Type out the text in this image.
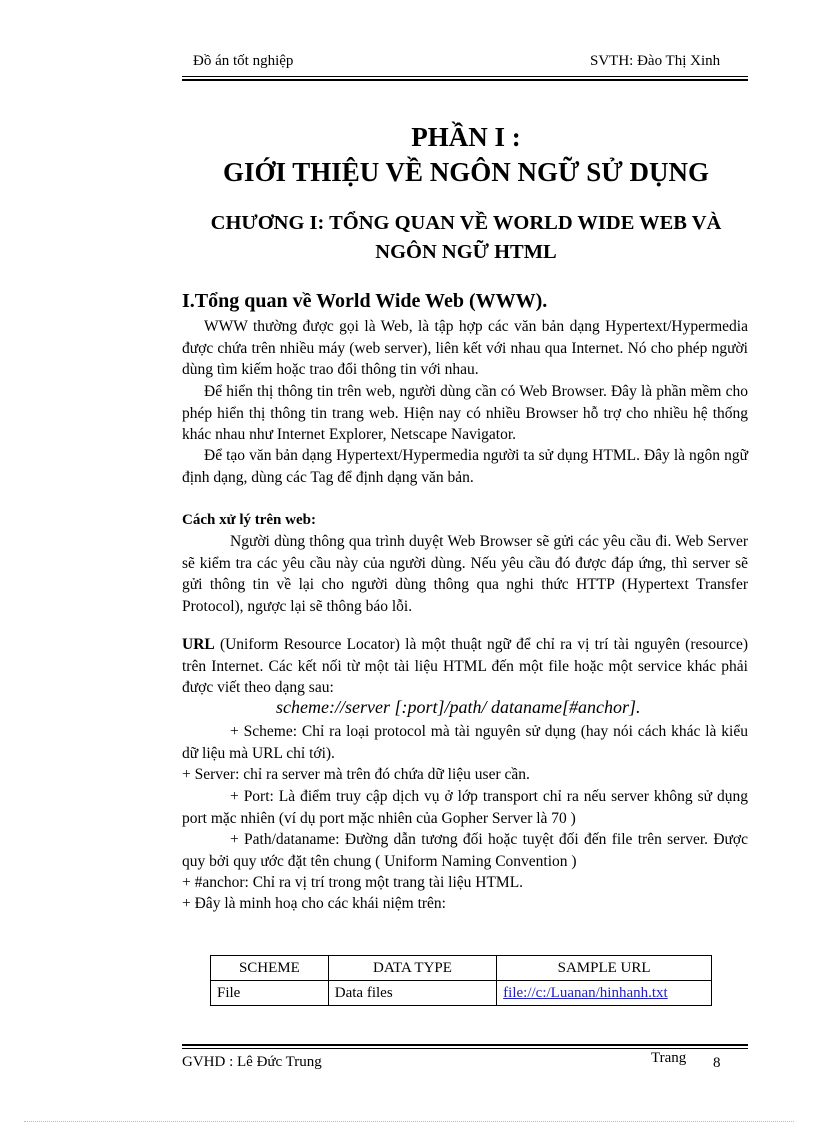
Đồ án tốt nghiệp	SVTH: Đào Thị Xinh
PHẦN I :
GIỚI THIỆU VỀ NGÔN NGỮ SỬ DỤNG
CHƯƠNG I: TỔNG QUAN VỀ WORLD WIDE WEB VÀ
NGÔN NGỮ HTML
I.Tổng quan về World Wide Web (WWW).
WWW thường được gọi là Web, là tập hợp các văn bản dạng Hypertext/Hypermedia được chứa trên nhiều máy (web server), liên kết với nhau qua Internet. Nó cho phép người dùng tìm kiếm hoặc trao đổi thông tin với nhau.
Để hiển thị thông tin trên web, người dùng cần có Web Browser. Đây là phần mềm cho phép hiển thị thông tin trang web. Hiện nay có nhiều Browser hỗ trợ cho nhiều hệ thống khác nhau như Internet Explorer, Netscape Navigator.
Để tạo văn bản dạng Hypertext/Hypermedia người ta sử dụng HTML. Đây là ngôn ngữ định dạng, dùng các Tag để định dạng văn bản.
Cách xử lý trên web:
Người dùng thông qua trình duyệt Web Browser sẽ gửi các yêu cầu đi. Web Server sẽ kiểm tra các yêu cầu này của người dùng. Nếu yêu cầu đó được đáp ứng, thì server sẽ gửi thông tin về lại cho người dùng thông qua nghi thức HTTP (Hypertext Transfer Protocol), ngược lại sẽ thông báo lỗi.
URL (Uniform Resource Locator) là một thuật ngữ để chỉ ra vị trí tài nguyên (resource) trên Internet. Các kết nối từ một tài liệu HTML đến một file hoặc một service khác phải được viết theo dạng sau:
scheme://server [:port]/path/ dataname[#anchor].
+ Scheme: Chỉ ra loại protocol mà tài nguyên sử dụng (hay nói cách khác là kiểu dữ liệu mà URL chỉ tới).
+ Server: chỉ ra server mà trên đó chứa dữ liệu user cần.
+ Port: Là điểm truy cập dịch vụ ở lớp transport chỉ ra nếu server không sử dụng port mặc nhiên (ví dụ port mặc nhiên của Gopher Server là 70 )
+ Path/dataname: Đường dẫn tương đối hoặc tuyệt đối đến file trên server. Được quy bởi quy ước đặt tên chung ( Uniform Naming Convention )
+ #anchor: Chỉ ra vị trí trong một trang tài liệu HTML.
+ Đây là minh hoạ cho các khái niệm trên:
SCHEME	DATA TYPE	SAMPLE URL
File	Data files	file://c:/Luanan/hinhanh.txt
GVHD : Lê Đức Trung	Trang 8
